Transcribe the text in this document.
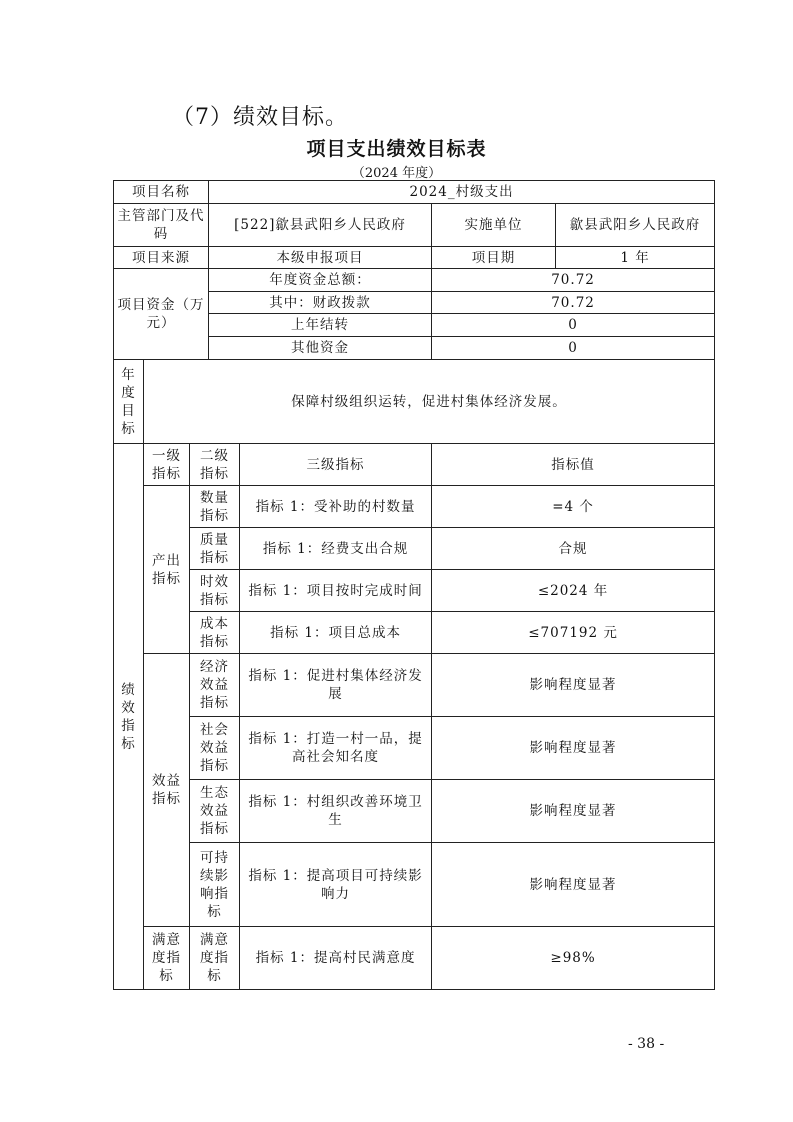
（7）绩效目标。
项目支出绩效目标表
（2024 年度）
项目名称			2024_村级支出			
主管部门及代码			[522]歙县武阳乡人民政府		实施单位	歙县武阳乡人民政府
项目来源			本级申报项目		项目期	1 年
项目资金（万元）			年度资金总额：		70.72	
			其中：财政拨款		70.72	
			上年结转		0	
			其他资金		0	
年度目标	保障村级组织运转，促进村集体经济发展。					
绩效指标	一级指标	二级指标		三级指标	指标值	
	产出指标	数量指标		指标 1：受补助的村数量	=4 个	
		质量指标		指标 1：经费支出合规	合规	
		时效指标		指标 1：项目按时完成时间	≤2024 年	
		成本指标		指标 1：项目总成本	≤707192 元	
	效益指标	经济效益指标		指标 1：促进村集体经济发展	影响程度显著	
		社会效益指标		指标 1：打造一村一品，提高社会知名度	影响程度显著	
		生态效益指标		指标 1：村组织改善环境卫生	影响程度显著	
		可持续影响指标		指标 1：提高项目可持续影响力	影响程度显著	
	满意度指标	满意度指标		指标 1：提高村民满意度	≥98%	
- 38 -
